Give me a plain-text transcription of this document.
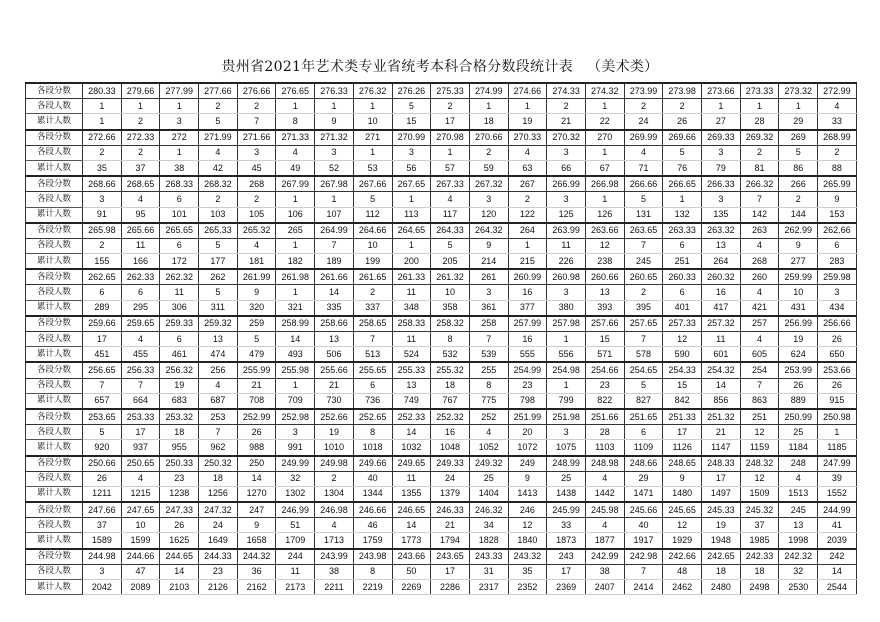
贵州省2021年艺术类专业省统考本科合格分数段统计表 （美术类）
各段分数	280.33	279.66	277.99	277.66	276.66	276.65	276.33	276.32	276.26	275.33	274.99	274.66	274.33	274.32	273.99	273.98	273.66	273.33	273.32	272.99
各段人数	1	1	1	2	2	1	1	1	5	2	1	1	2	1	2	2	1	1	1	4
累计人数	1	2	3	5	7	8	9	10	15	17	18	19	21	22	24	26	27	28	29	33
各段分数	272.66	272.33	272	271.99	271.66	271.33	271.32	271	270.99	270.98	270.66	270.33	270.32	270	269.99	269.66	269.33	269.32	269	268.99
各段人数	2	2	1	4	3	4	3	1	3	1	2	4	3	1	4	5	3	2	5	2
累计人数	35	37	38	42	45	49	52	53	56	57	59	63	66	67	71	76	79	81	86	88
各段分数	268.66	268.65	268.33	268.32	268	267.99	267.98	267.66	267.65	267.33	267.32	267	266.99	266.98	266.66	266.65	266.33	266.32	266	265.99
各段人数	3	4	6	2	2	1	1	5	1	4	3	2	3	1	5	1	3	7	2	9
累计人数	91	95	101	103	105	106	107	112	113	117	120	122	125	126	131	132	135	142	144	153
各段分数	265.98	265.66	265.65	265.33	265.32	265	264.99	264.66	264.65	264.33	264.32	264	263.99	263.66	263.65	263.33	263.32	263	262.99	262.66
各段人数	2	11	6	5	4	1	7	10	1	5	9	1	11	12	7	6	13	4	9	6
累计人数	155	166	172	177	181	182	189	199	200	205	214	215	226	238	245	251	264	268	277	283
各段分数	262.65	262.33	262.32	262	261.99	261.98	261.66	261.65	261.33	261.32	261	260.99	260.98	260.66	260.65	260.33	260.32	260	259.99	259.98
各段人数	6	6	11	5	9	1	14	2	11	10	3	16	3	13	2	6	16	4	10	3
累计人数	289	295	306	311	320	321	335	337	348	358	361	377	380	393	395	401	417	421	431	434
各段分数	259.66	259.65	259.33	259.32	259	258.99	258.66	258.65	258.33	258.32	258	257.99	257.98	257.66	257.65	257.33	257.32	257	256.99	256.66
各段人数	17	4	6	13	5	14	13	7	11	8	7	16	1	15	7	12	11	4	19	26
累计人数	451	455	461	474	479	493	506	513	524	532	539	555	556	571	578	590	601	605	624	650
各段分数	256.65	256.33	256.32	256	255.99	255.98	255.66	255.65	255.33	255.32	255	254.99	254.98	254.66	254.65	254.33	254.32	254	253.99	253.66
各段人数	7	7	19	4	21	1	21	6	13	18	8	23	1	23	5	15	14	7	26	26
累计人数	657	664	683	687	708	709	730	736	749	767	775	798	799	822	827	842	856	863	889	915
各段分数	253.65	253.33	253.32	253	252.99	252.98	252.66	252.65	252.33	252.32	252	251.99	251.98	251.66	251.65	251.33	251.32	251	250.99	250.98
各段人数	5	17	18	7	26	3	19	8	14	16	4	20	3	28	6	17	21	12	25	1
累计人数	920	937	955	962	988	991	1010	1018	1032	1048	1052	1072	1075	1103	1109	1126	1147	1159	1184	1185
各段分数	250.66	250.65	250.33	250.32	250	249.99	249.98	249.66	249.65	249.33	249.32	249	248.99	248.98	248.66	248.65	248.33	248.32	248	247.99
各段人数	26	4	23	18	14	32	2	40	11	24	25	9	25	4	29	9	17	12	4	39
累计人数	1211	1215	1238	1256	1270	1302	1304	1344	1355	1379	1404	1413	1438	1442	1471	1480	1497	1509	1513	1552
各段分数	247.66	247.65	247.33	247.32	247	246.99	246.98	246.66	246.65	246.33	246.32	246	245.99	245.98	245.66	245.65	245.33	245.32	245	244.99
各段人数	37	10	26	24	9	51	4	46	14	21	34	12	33	4	40	12	19	37	13	41
累计人数	1589	1599	1625	1649	1658	1709	1713	1759	1773	1794	1828	1840	1873	1877	1917	1929	1948	1985	1998	2039
各段分数	244.98	244.66	244.65	244.33	244.32	244	243.99	243.98	243.66	243.65	243.33	243.32	243	242.99	242.98	242.66	242.65	242.33	242.32	242
各段人数	3	47	14	23	36	11	38	8	50	17	31	35	17	38	7	48	18	18	32	14
累计人数	2042	2089	2103	2126	2162	2173	2211	2219	2269	2286	2317	2352	2369	2407	2414	2462	2480	2498	2530	2544
